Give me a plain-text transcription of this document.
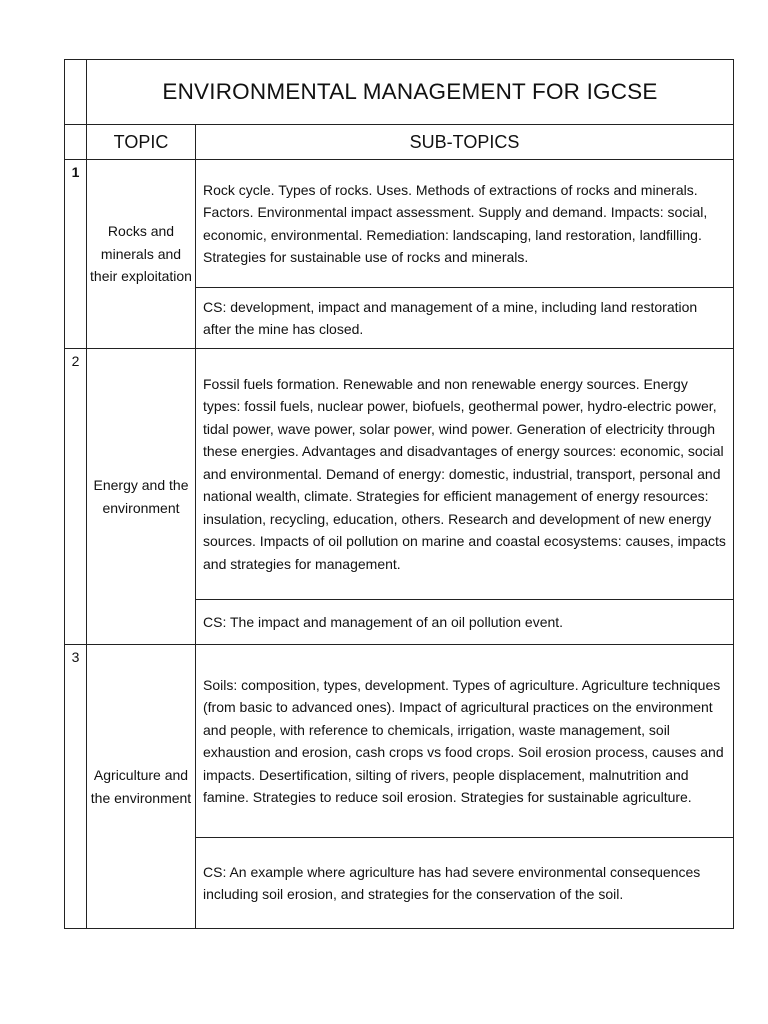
	ENVIRONMENTAL MANAGEMENT FOR IGCSE	
	TOPIC	SUB-TOPICS
1	Rocks and minerals and their exploitation	Rock cycle. Types of rocks. Uses. Methods of extractions of rocks and minerals. Factors. Environmental impact assessment. Supply and demand. Impacts: social, economic, environmental. Remediation: landscaping, land restoration, landfilling. Strategies for sustainable use of rocks and minerals.
		CS: development, impact and management of a mine, including land restoration after the mine has closed.
2	Energy and the environment	Fossil fuels formation. Renewable and non renewable energy sources. Energy types: fossil fuels, nuclear power, biofuels, geothermal power, hydro-electric power, tidal power, wave power, solar power, wind power. Generation of electricity through these energies. Advantages and disadvantages of energy sources: economic, social and environmental. Demand of energy: domestic, industrial, transport, personal and national wealth, climate. Strategies for efficient management of energy resources: insulation, recycling, education, others. Research and development of new energy sources. Impacts of oil pollution on marine and coastal ecosystems: causes, impacts and strategies for management.
		CS: The impact and management of an oil pollution event.
3	Agriculture and the environment	Soils: composition, types, development. Types of agriculture. Agriculture techniques (from basic to advanced ones). Impact of agricultural practices on the environment and people, with reference to chemicals, irrigation, waste management, soil exhaustion and erosion, cash crops vs food crops. Soil erosion process, causes and impacts. Desertification, silting of rivers, people displacement, malnutrition and famine. Strategies to reduce soil erosion. Strategies for sustainable agriculture.
		CS: An example where agriculture has had severe environmental consequences including soil erosion, and strategies for the conservation of the soil.
